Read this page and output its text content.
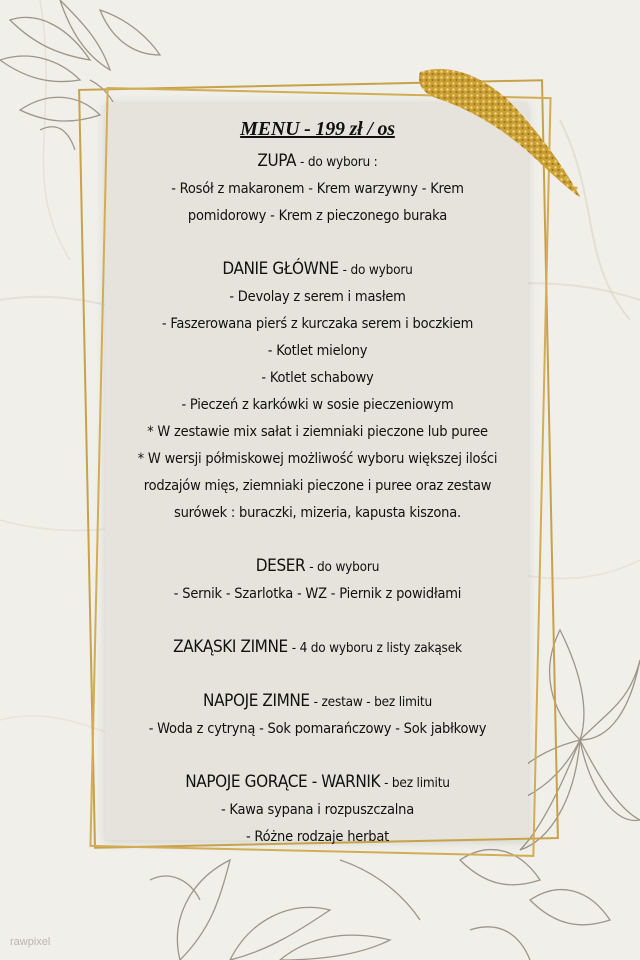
MENU - 199 zł / os
ZUPA - do wyboru :
- Rosół z makaronem - Krem warzywny - Krem
pomidorowy - Krem z pieczonego buraka
DANIE GŁÓWNE - do wyboru
- Devolay z serem i masłem
- Faszerowana pierś z kurczaka serem i boczkiem
- Kotlet mielony
- Kotlet schabowy
- Pieczeń z karkówki w sosie pieczeniowym
* W zestawie mix sałat i ziemniaki pieczone lub puree
* W wersji półmiskowej możliwość wyboru większej ilości
rodzajów mięs, ziemniaki pieczone i puree oraz zestaw
surówek : buraczki, mizeria, kapusta kiszona.
DESER - do wyboru
- Sernik - Szarlotka - WZ - Piernik z powidłami
ZAKĄSKI ZIMNE - 4 do wyboru z listy zakąsek
NAPOJE ZIMNE - zestaw - bez limitu
- Woda z cytryną - Sok pomarańczowy - Sok jabłkowy
NAPOJE GORĄCE - WARNIK - bez limitu
- Kawa sypana i rozpuszczalna
- Różne rodzaje herbat
rawpixel
